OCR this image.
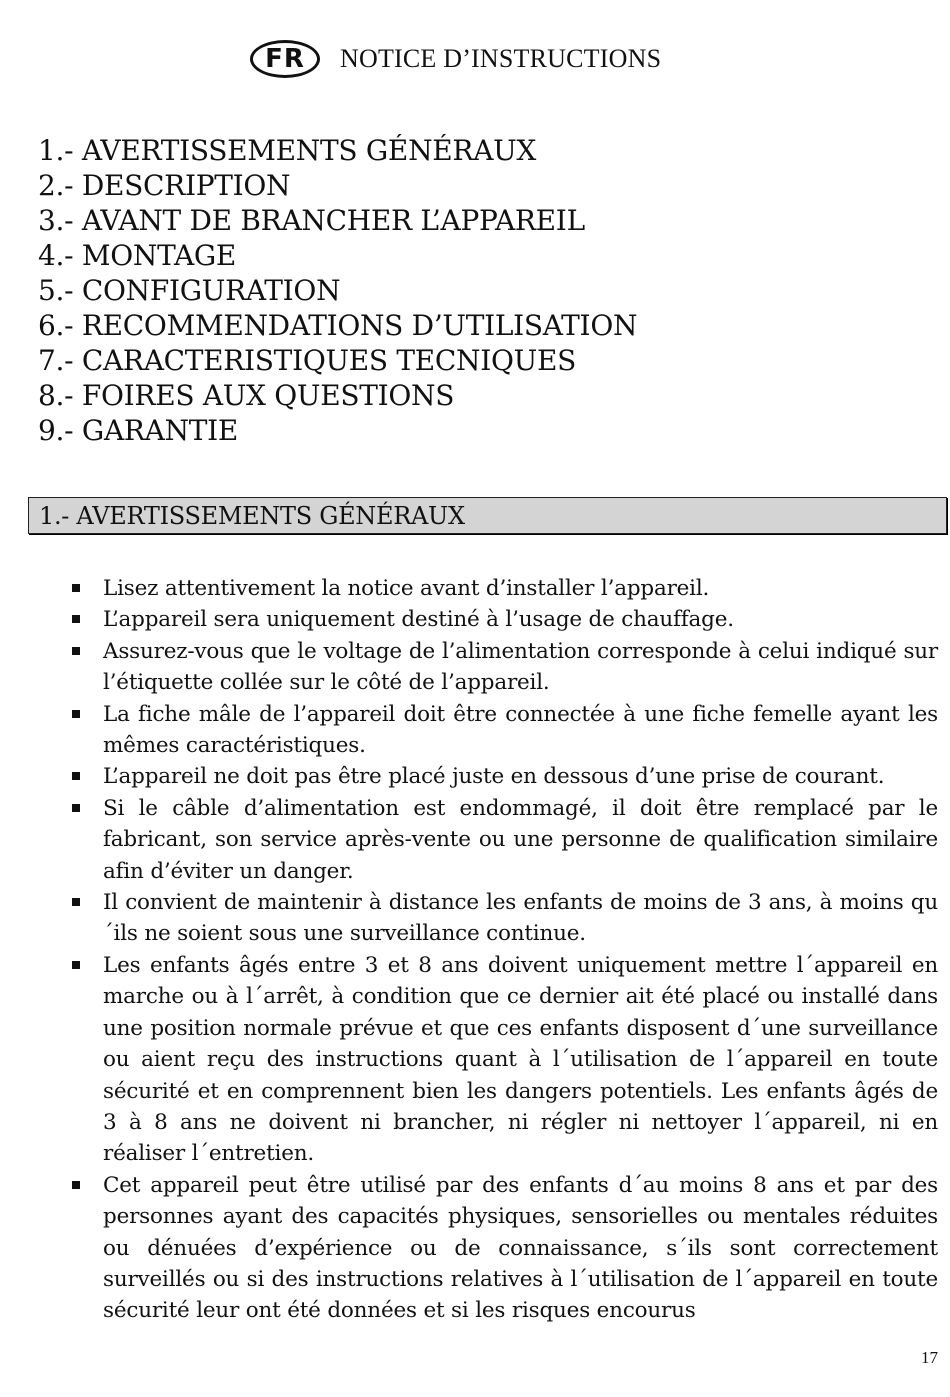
FR	NOTICE D’INSTRUCTIONS
1.- AVERTISSEMENTS GÉNÉRAUX
2.- DESCRIPTION
3.- AVANT DE BRANCHER L’APPAREIL
4.- MONTAGE
5.- CONFIGURATION
6.- RECOMMENDATIONS D’UTILISATION
7.- CARACTERISTIQUES TECNIQUES
8.- FOIRES AUX QUESTIONS
9.- GARANTIE
1.- AVERTISSEMENTS GÉNÉRAUX
Lisez attentivement la notice avant d’installer l’appareil.
L’appareil sera uniquement destiné à l’usage de chauffage.
Assurez-vous que le voltage de l’alimentation corresponde à celui indiqué sur l’étiquette collée sur le côté de l’appareil.
La fiche mâle de l’appareil doit être connectée à une fiche femelle ayant les mêmes caractéristiques.
L’appareil ne doit pas être placé juste en dessous d’une prise de courant.
Si le câble d’alimentation est endommagé, il doit être remplacé par le fabricant, son service après-vente ou une personne de qualification similaire afin d’éviter un danger.
Il convient de maintenir à distance les enfants de moins de 3 ans, à moins qu´ils ne soient sous une surveillance continue.
Les enfants âgés entre 3 et 8 ans doivent uniquement mettre l´appareil en marche ou à l´arrêt, à condition que ce dernier ait été placé ou installé dans une position normale prévue et que ces enfants disposent d´une surveillance ou aient reçu des instructions quant à l´utilisation de l´appareil en toute sécurité et en comprennent bien les dangers potentiels. Les enfants âgés de 3 à 8 ans ne doivent ni brancher, ni régler ni nettoyer l´appareil, ni en réaliser l´entretien.
Cet appareil peut être utilisé par des enfants d´au moins 8 ans et par des personnes ayant des capacités physiques, sensorielles ou mentales réduites ou dénuées d’expérience ou de connaissance, s´ils sont correctement surveillés ou si des instructions relatives à l´utilisation de l´appareil en toute sécurité leur ont été données et si les risques encourus
17
